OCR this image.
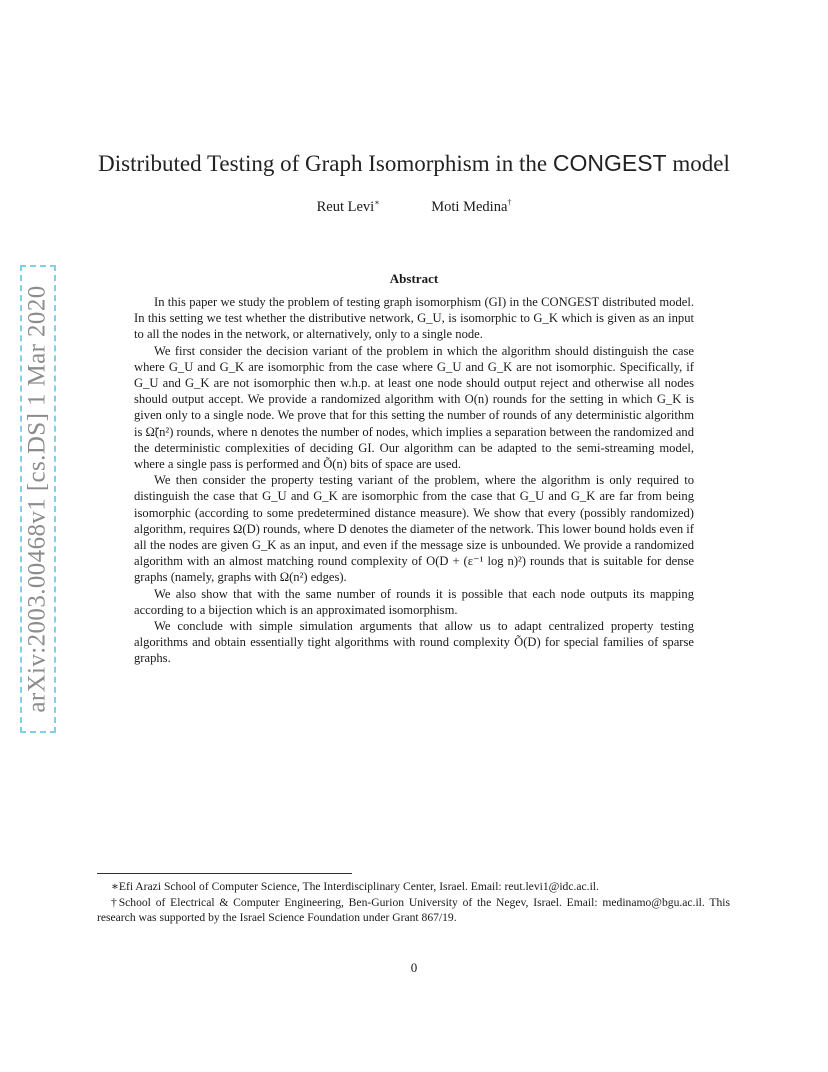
arXiv:2003.00468v1 [cs.DS] 1 Mar 2020
Distributed Testing of Graph Isomorphism in the CONGEST model
Reut Levi∗	Moti Medina†
Abstract

In this paper we study the problem of testing graph isomorphism (GI) in the CONGEST distributed model. In this setting we test whether the distributive network, G_U, is isomorphic to G_K which is given as an input to all the nodes in the network, or alternatively, only to a single node.

We first consider the decision variant of the problem in which the algorithm should distinguish the case where G_U and G_K are isomorphic from the case where G_U and G_K are not isomorphic. Specifically, if G_U and G_K are not isomorphic then w.h.p. at least one node should output reject and otherwise all nodes should output accept. We provide a randomized algorithm with O(n) rounds for the setting in which G_K is given only to a single node. We prove that for this setting the number of rounds of any deterministic algorithm is Ω̃(n²) rounds, where n denotes the number of nodes, which implies a separation between the randomized and the deterministic complexities of deciding GI. Our algorithm can be adapted to the semi-streaming model, where a single pass is performed and Õ(n) bits of space are used.

We then consider the property testing variant of the problem, where the algorithm is only required to distinguish the case that G_U and G_K are isomorphic from the case that G_U and G_K are far from being isomorphic (according to some predetermined distance measure). We show that every (possibly randomized) algorithm, requires Ω(D) rounds, where D denotes the diameter of the network. This lower bound holds even if all the nodes are given G_K as an input, and even if the message size is unbounded. We provide a randomized algorithm with an almost matching round complexity of O(D + (ε⁻¹ log n)²) rounds that is suitable for dense graphs (namely, graphs with Ω(n²) edges).

We also show that with the same number of rounds it is possible that each node outputs its mapping according to a bijection which is an approximated isomorphism.

We conclude with simple simulation arguments that allow us to adapt centralized property testing algorithms and obtain essentially tight algorithms with round complexity Õ(D) for special families of sparse graphs.

∗Efi Arazi School of Computer Science, The Interdisciplinary Center, Israel. Email: reut.levi1@idc.ac.il.

†School of Electrical & Computer Engineering, Ben-Gurion University of the Negev, Israel. Email: medinamo@bgu.ac.il. This research was supported by the Israel Science Foundation under Grant 867/19.

0
